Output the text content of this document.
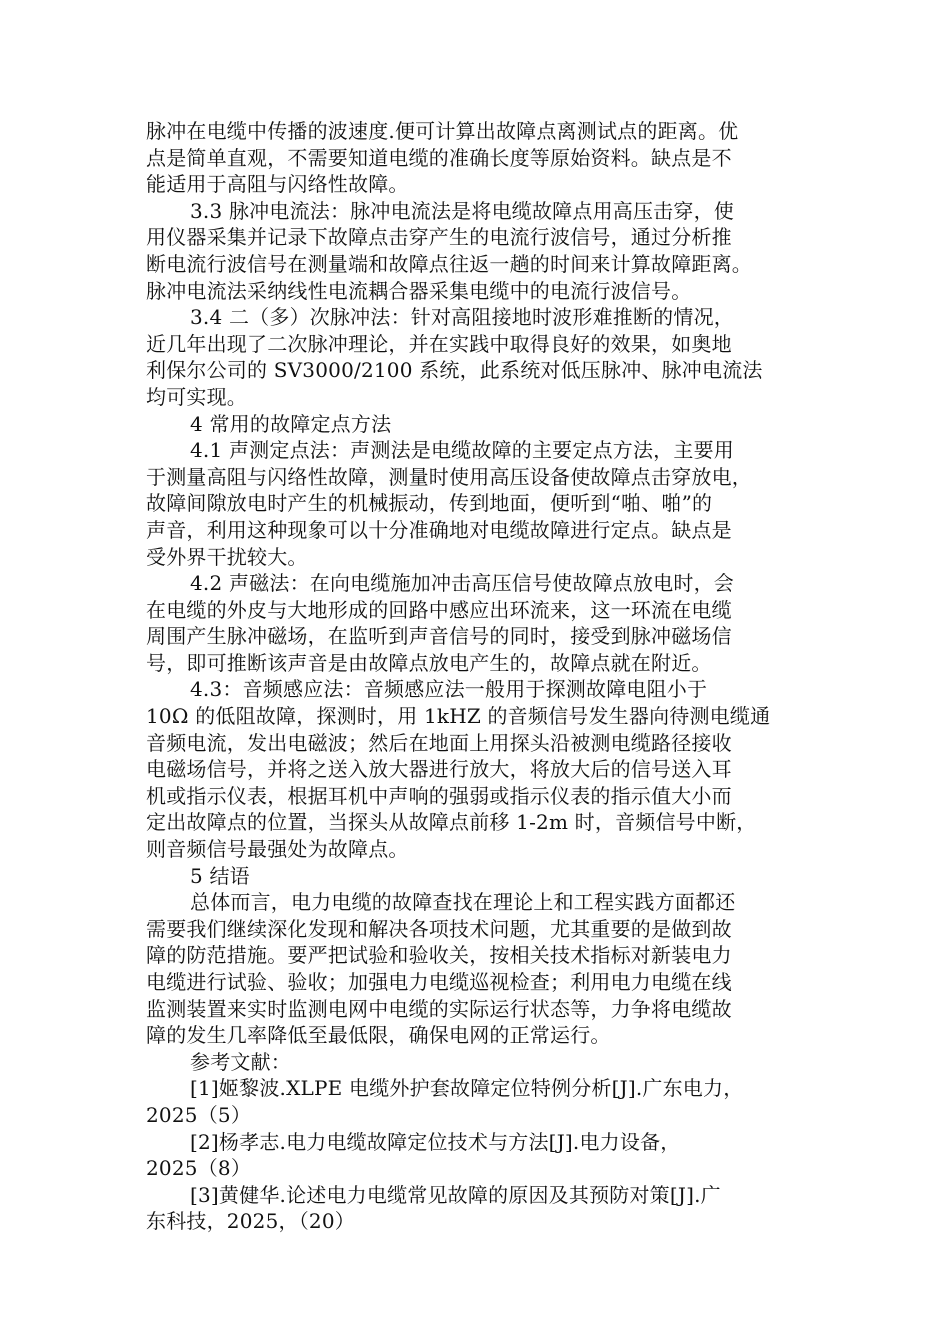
脉冲在电缆中传播的波速度.便可计算出故障点离测试点的距离。优
点是简单直观，不需要知道电缆的准确长度等原始资料。缺点是不
能适用于高阻与闪络性故障。
3.3 脉冲电流法：脉冲电流法是将电缆故障点用高压击穿，使
用仪器采集并记录下故障点击穿产生的电流行波信号，通过分析推
断电流行波信号在测量端和故障点往返一趟的时间来计算故障距离。
脉冲电流法采纳线性电流耦合器采集电缆中的电流行波信号。
3.4 二（多）次脉冲法：针对高阻接地时波形难推断的情况，
近几年出现了二次脉冲理论，并在实践中取得良好的效果，如奥地
利保尔公司的 SV3000/2100 系统，此系统对低压脉冲、脉冲电流法
均可实现。
4 常用的故障定点方法
4.1 声测定点法：声测法是电缆故障的主要定点方法，主要用
于测量高阻与闪络性故障，测量时使用高压设备使故障点击穿放电，
故障间隙放电时产生的机械振动，传到地面，便听到“啪、啪”的
声音，利用这种现象可以十分准确地对电缆故障进行定点。缺点是
受外界干扰较大。
4.2 声磁法：在向电缆施加冲击高压信号使故障点放电时，会
在电缆的外皮与大地形成的回路中感应出环流来，这一环流在电缆
周围产生脉冲磁场，在监听到声音信号的同时，接受到脉冲磁场信
号，即可推断该声音是由故障点放电产生的，故障点就在附近。
4.3：音频感应法：音频感应法一般用于探测故障电阻小于
10Ω 的低阻故障，探测时，用 1kHZ 的音频信号发生器向待测电缆通
音频电流，发出电磁波；然后在地面上用探头沿被测电缆路径接收
电磁场信号，并将之送入放大器进行放大，将放大后的信号送入耳
机或指示仪表，根据耳机中声响的强弱或指示仪表的指示值大小而
定出故障点的位置，当探头从故障点前移 1-2m 时，音频信号中断，
则音频信号最强处为故障点。
5 结语
总体而言，电力电缆的故障查找在理论上和工程实践方面都还
需要我们继续深化发现和解决各项技术问题，尤其重要的是做到故
障的防范措施。要严把试验和验收关，按相关技术指标对新装电力
电缆进行试验、验收；加强电力电缆巡视检查；利用电力电缆在线
监测装置来实时监测电网中电缆的实际运行状态等，力争将电缆故
障的发生几率降低至最低限，确保电网的正常运行。
参考文献：
[1]姬黎波.XLPE 电缆外护套故障定位特例分析[J].广东电力，
2025（5）
[2]杨孝志.电力电缆故障定位技术与方法[J].电力设备，
2025（8）
[3]黄健华.论述电力电缆常见故障的原因及其预防对策[J].广
东科技，2025，（20）
